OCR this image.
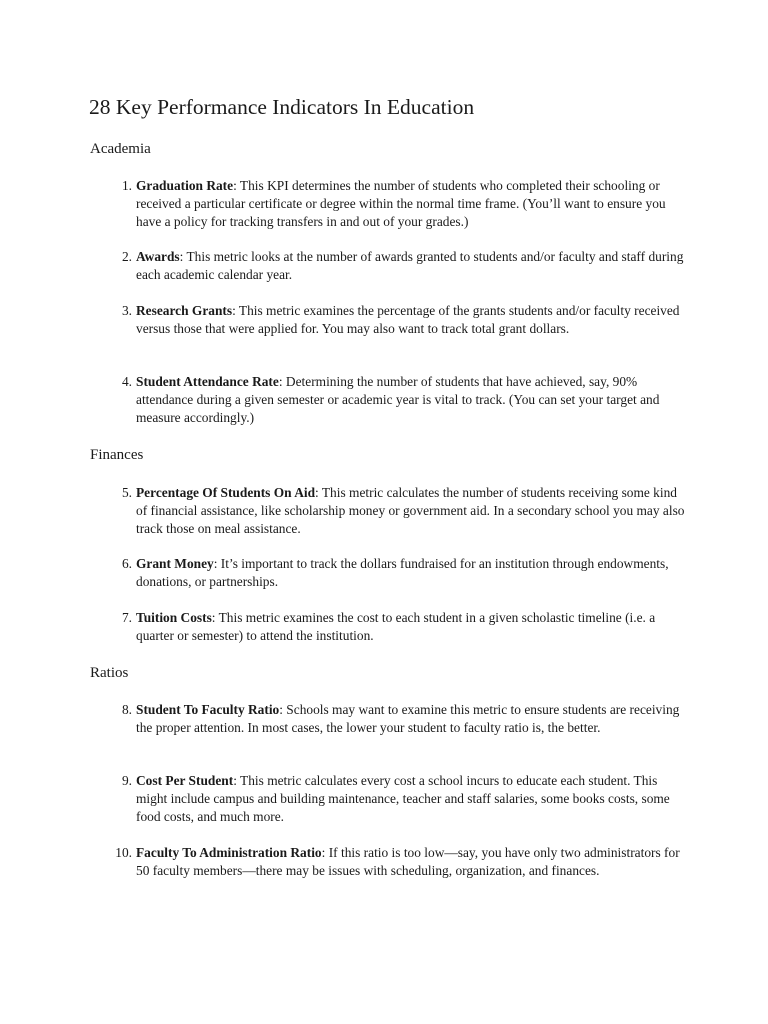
28 Key Performance Indicators In Education
Academia
1. Graduation Rate: This KPI determines the number of students who completed their schooling or received a particular certificate or degree within the normal time frame. (You’ll want to ensure you have a policy for tracking transfers in and out of your grades.)
2. Awards: This metric looks at the number of awards granted to students and/or faculty and staff during each academic calendar year.
3. Research Grants: This metric examines the percentage of the grants students and/or faculty received versus those that were applied for. You may also want to track total grant dollars.
4. Student Attendance Rate: Determining the number of students that have achieved, say, 90% attendance during a given semester or academic year is vital to track. (You can set your target and measure accordingly.)
Finances
5. Percentage Of Students On Aid: This metric calculates the number of students receiving some kind of financial assistance, like scholarship money or government aid. In a secondary school you may also track those on meal assistance.
6. Grant Money: It’s important to track the dollars fundraised for an institution through endowments, donations, or partnerships.
7. Tuition Costs: This metric examines the cost to each student in a given scholastic timeline (i.e. a quarter or semester) to attend the institution.
Ratios
8. Student To Faculty Ratio: Schools may want to examine this metric to ensure students are receiving the proper attention. In most cases, the lower your student to faculty ratio is, the better.
9. Cost Per Student: This metric calculates every cost a school incurs to educate each student. This might include campus and building maintenance, teacher and staff salaries, some books costs, some food costs, and much more.
10. Faculty To Administration Ratio: If this ratio is too low—say, you have only two administrators for 50 faculty members—there may be issues with scheduling, organization, and finances.
